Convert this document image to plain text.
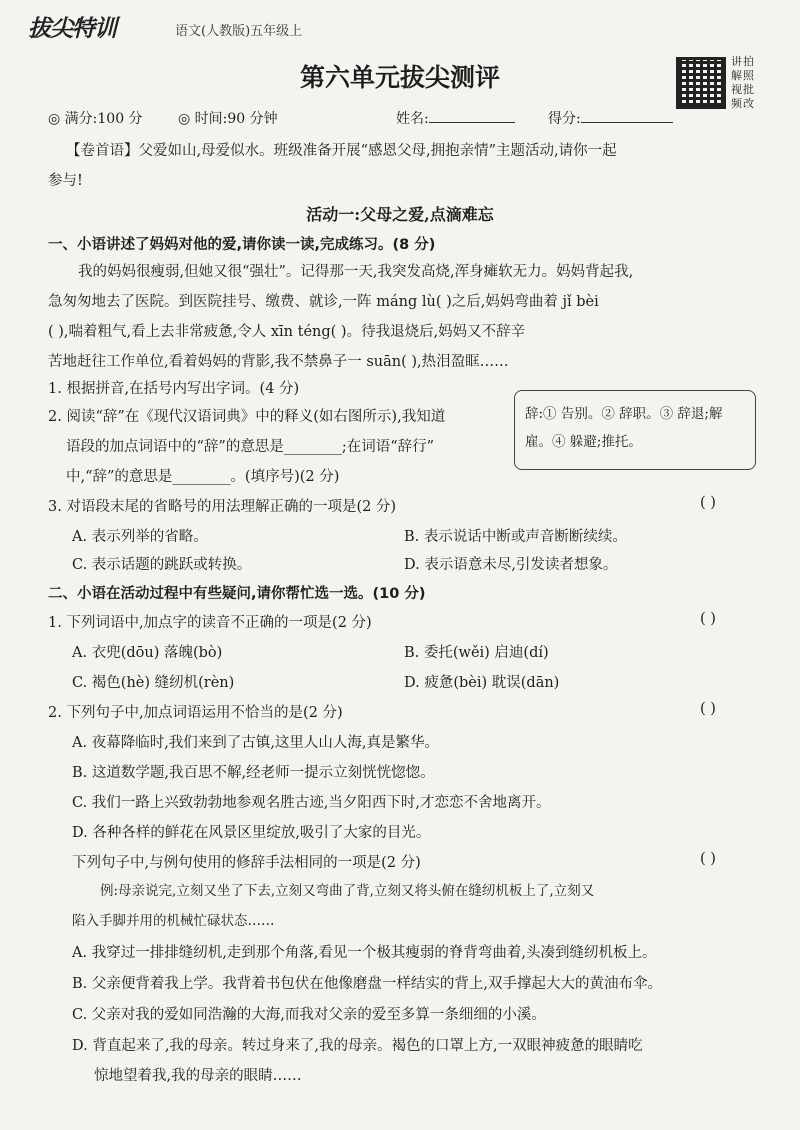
拔尖特训	语文(人教版)五年级上
第六单元拔尖测评
讲
解
视
频
拍
照
批
改
◎ 满分:100 分	◎ 时间:90 分钟	姓名:	得分:
【卷首语】父爱如山,母爱似水。班级准备开展“感恩父母,拥抱亲情”主题活动,请你一起
参与!
活动一:父母之爱,点滴难忘
一、小语讲述了妈妈对他的爱,请你读一读,完成练习。(8 分)
我的妈妈很瘦弱,但她又很“强壮”。记得那一天,我突发高烧,浑身瘫软无力。妈妈背起我,
急匆匆地去了医院。到医院挂号、缴费、就诊,一阵 máng lù( )之后,妈妈弯曲着 jǐ bèi
( ),喘着粗气,看上去非常疲惫,令人 xīn téng( )。待我退烧后,妈妈又不辞辛
苦地赶往工作单位,看着妈妈的背影,我不禁鼻子一 suān( ),热泪盈眶……
1. 根据拼音,在括号内写出字词。(4 分)
2. 阅读“辞”在《现代汉语词典》中的释义(如右图所示),我知道
语段的加点词语中的“辞”的意思是________;在词语“辞行”
中,“辞”的意思是________。(填序号)(2 分)
辞:① 告别。② 辞职。③ 辞退;解雇。④ 躲避;推托。
3. 对语段末尾的省略号的用法理解正确的一项是(2 分)	( )
A. 表示列举的省略。	B. 表示说话中断或声音断断续续。
C. 表示话题的跳跃或转换。	D. 表示语意未尽,引发读者想象。
二、小语在活动过程中有些疑问,请你帮忙选一选。(10 分)
1. 下列词语中,加点字的读音不正确的一项是(2 分)	( )
A. 衣兜(dōu) 落魄(bò)	B. 委托(wěi) 启迪(dí)
C. 褐色(hè) 缝纫机(rèn)	D. 疲惫(bèi) 耽误(dān)
2. 下列句子中,加点词语运用不恰当的是(2 分)	( )
A. 夜幕降临时,我们来到了古镇,这里人山人海,真是繁华。
B. 这道数学题,我百思不解,经老师一提示立刻恍恍惚惚。
C. 我们一路上兴致勃勃地参观名胜古迹,当夕阳西下时,才恋恋不舍地离开。
D. 各种各样的鲜花在风景区里绽放,吸引了大家的目光。
下列句子中,与例句使用的修辞手法相同的一项是(2 分)	( )
例:母亲说完,立刻又坐了下去,立刻又弯曲了背,立刻又将头俯在缝纫机板上了,立刻又
陷入手脚并用的机械忙碌状态……
A. 我穿过一排排缝纫机,走到那个角落,看见一个极其瘦弱的脊背弯曲着,头凑到缝纫机板上。
B. 父亲便背着我上学。我背着书包伏在他像磨盘一样结实的背上,双手撑起大大的黄油布伞。
C. 父亲对我的爱如同浩瀚的大海,而我对父亲的爱至多算一条细细的小溪。
D. 背直起来了,我的母亲。转过身来了,我的母亲。褐色的口罩上方,一双眼神疲惫的眼睛吃
惊地望着我,我的母亲的眼睛……
